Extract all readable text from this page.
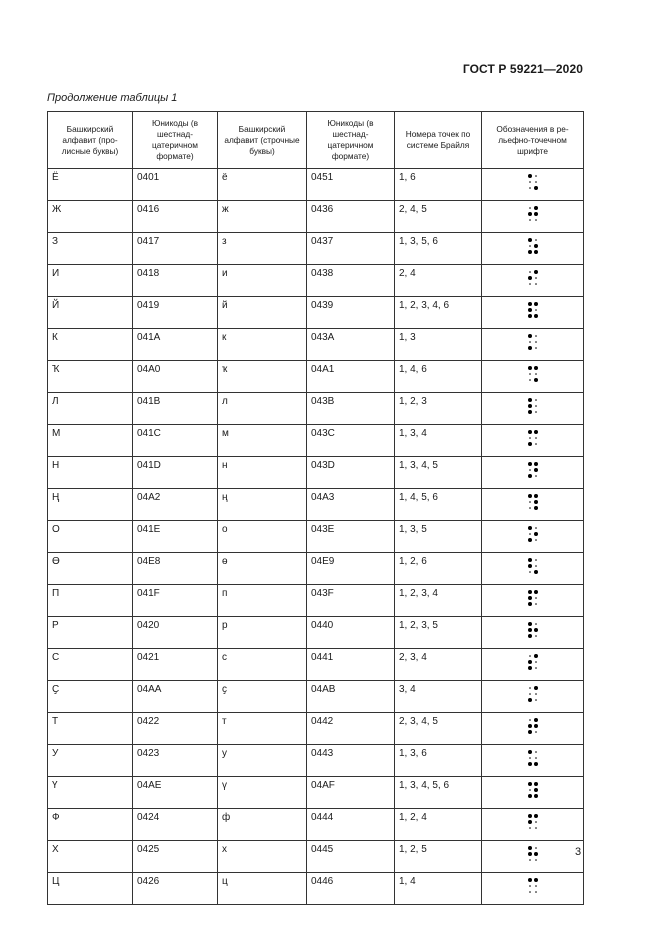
ГОСТ Р 59221—2020
Продолжение таблицы 1
Башкирский алфавит (про-лисные буквы)	Юникоды (в шестнад-цатеричном формате)	Башкирский алфавит (строчные буквы)	Юникоды (в шестнад-цатеричном формате)	Номера точек по системе Брайля	Обозначения в ре-льефно-точечном шрифте
Ё	0401	ё	0451	1, 6	

Ж	0416	ж	0436	2, 4, 5	

З	0417	з	0437	1, 3, 5, 6	

И	0418	и	0438	2, 4	

Й	0419	й	0439	1, 2, 3, 4, 6	

К	041A	к	043A	1, 3	

Ҡ	04A0	ҡ	04A1	1, 4, 6	

Л	041B	л	043B	1, 2, 3	

М	041C	м	043C	1, 3, 4	

Н	041D	н	043D	1, 3, 4, 5	

Ң	04A2	ң	04A3	1, 4, 5, 6	

О	041E	о	043E	1, 3, 5	

Ө	04E8	ө	04E9	1, 2, 6	

П	041F	п	043F	1, 2, 3, 4	

Р	0420	р	0440	1, 2, 3, 5	

С	0421	с	0441	2, 3, 4	

Ҫ	04AA	ҫ	04AB	3, 4	

Т	0422	т	0442	2, 3, 4, 5	

У	0423	у	0443	1, 3, 6	

Ү	04AE	ү	04AF	1, 3, 4, 5, 6	

Ф	0424	ф	0444	1, 2, 4	

Х	0425	х	0445	1, 2, 5	

Ц	0426	ц	0446	1, 4	
3
